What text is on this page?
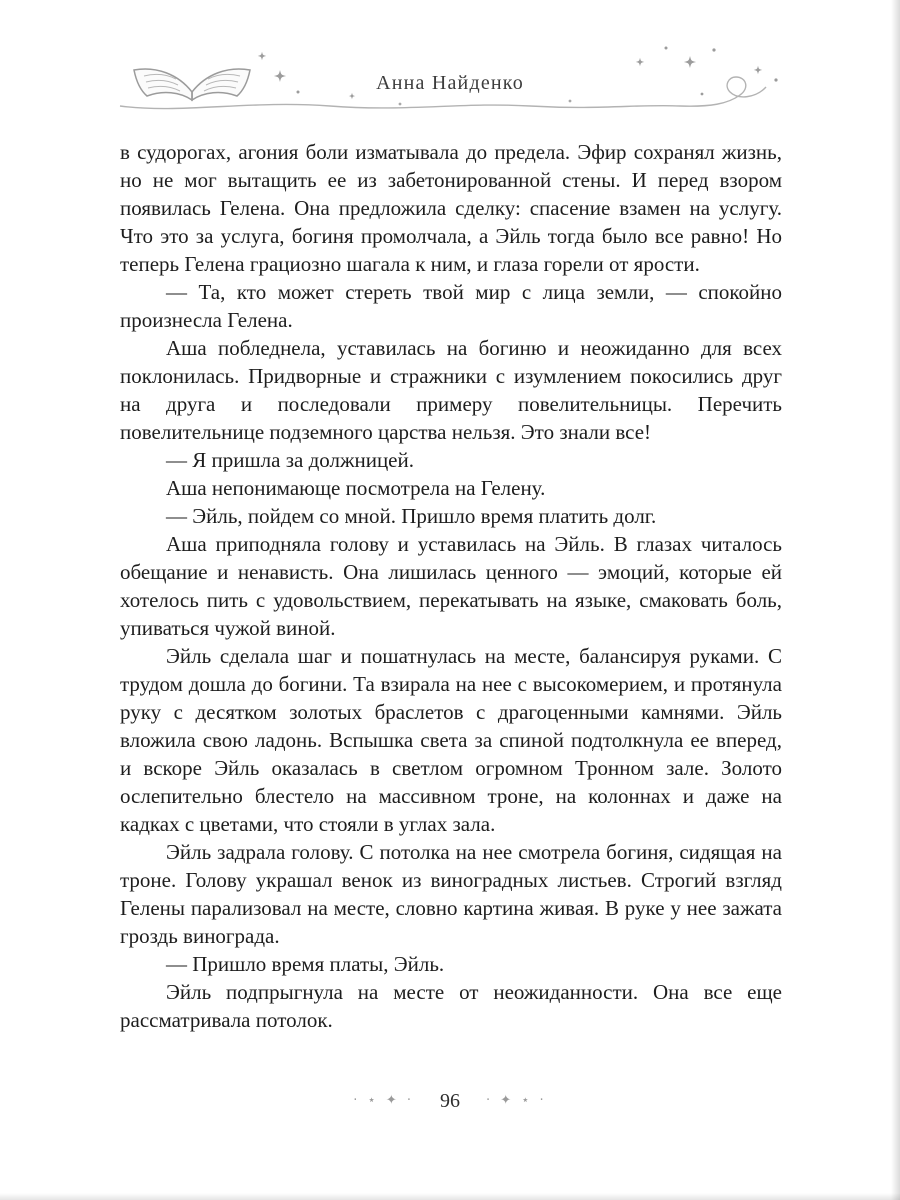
Анна Найденко

в судорогах, агония боли изматывала до предела. Эфир сохранял жизнь, но не мог вытащить ее из забетонированной стены. И перед взором появилась Гелена. Она предложила сделку: спасение взамен на услугу. Что это за услуга, богиня промолчала, а Эйль тогда было все равно! Но теперь Гелена грациозно шагала к ним, и глаза горели от ярости.

— Та, кто может стереть твой мир с лица земли, — спокойно произнесла Гелена.

Аша побледнела, уставилась на богиню и неожиданно для всех поклонилась. Придворные и стражники с изумлением покосились друг на друга и последовали примеру повелительницы. Перечить повелительнице подземного царства нельзя. Это знали все!

— Я пришла за должницей.

Аша непонимающе посмотрела на Гелену.

— Эйль, пойдем со мной. Пришло время платить долг.

Аша приподняла голову и уставилась на Эйль. В глазах читалось обещание и ненависть. Она лишилась ценного — эмоций, которые ей хотелось пить с удовольствием, перекатывать на языке, смаковать боль, упиваться чужой виной.

Эйль сделала шаг и пошатнулась на месте, балансируя руками. С трудом дошла до богини. Та взирала на нее с высокомерием, и протянула руку с десятком золотых браслетов с драгоценными камнями. Эйль вложила свою ладонь. Вспышка света за спиной подтолкнула ее вперед, и вскоре Эйль оказалась в светлом огромном Тронном зале. Золото ослепительно блестело на массивном троне, на колоннах и даже на кадках с цветами, что стояли в углах зала.

Эйль задрала голову. С потолка на нее смотрела богиня, сидящая на троне. Голову украшал венок из виноградных листьев. Строгий взгляд Гелены парализовал на месте, словно картина живая. В руке у нее зажата гроздь винограда.

— Пришло время платы, Эйль.

Эйль подпрыгнула на месте от неожиданности. Она все еще рассматривала потолок.

· ⋆ ✦ · 96 · ✦ ⋆ ·
